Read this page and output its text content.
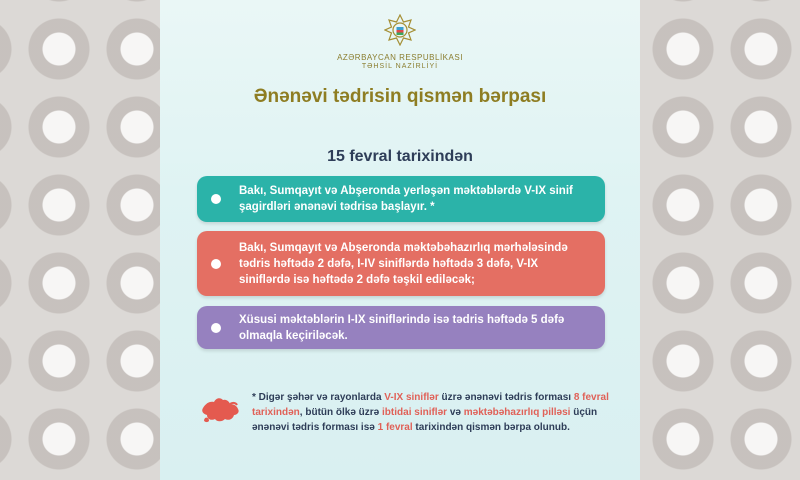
AZƏRBAYCAN RESPUBLİKASI
TƏHSİL NAZİRLİYİ
Ənənəvi tədrisin qismən bərpası
15 fevral tarixindən
Bakı, Sumqayıt və Abşeronda yerləşən məktəblərdə V-IX sinif şagirdləri ənənəvi tədrisə başlayır. *
Bakı, Sumqayıt və Abşeronda məktəbəhazırlıq mərhələsində tədris həftədə 2 dəfə, I-IV siniflərdə həftədə 3 dəfə, V-IX siniflərdə isə həftədə 2 dəfə təşkil ediləcək;
Xüsusi məktəblərin I-IX siniflərində isə tədris həftədə 5 dəfə olmaqla keçiriləcək.
* Digər şəhər və rayonlarda V-IX siniflər üzrə ənənəvi tədris forması 8 fevral tarixindən, bütün ölkə üzrə ibtidai siniflər və məktəbəhazırlıq pilləsi üçün ənənəvi tədris forması isə 1 fevral tarixindən qismən bərpa olunub.
